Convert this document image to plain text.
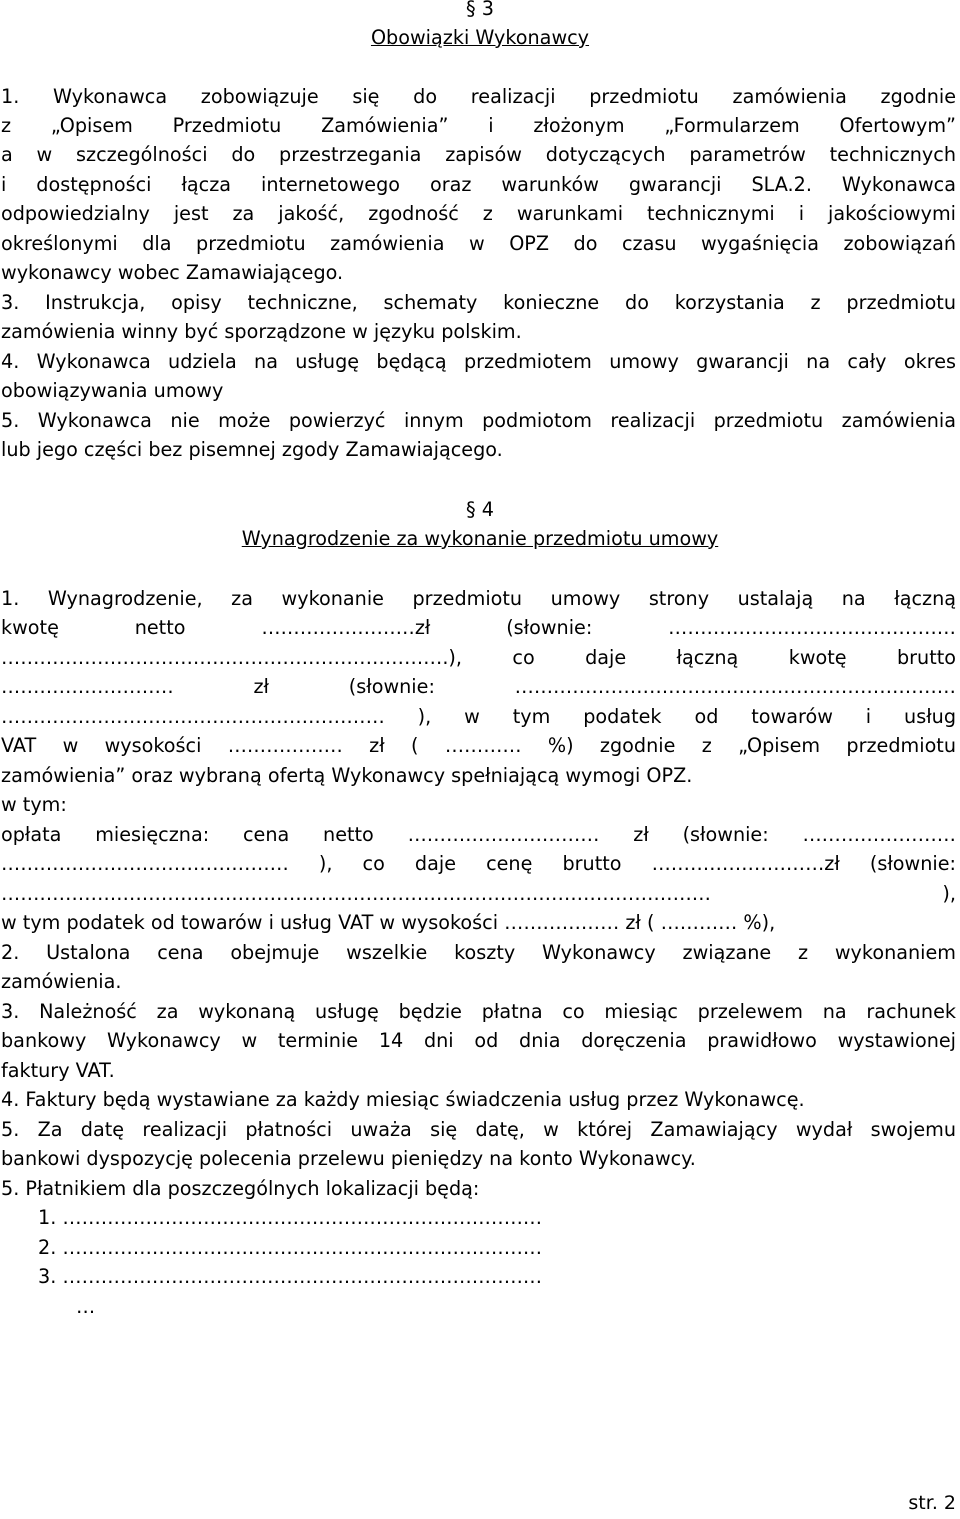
§ 3
Obowiązki Wykonawcy
1. Wykonawca zobowiązuje się do realizacji przedmiotu zamówienia zgodnie
z „Opisem Przedmiotu Zamówienia” i złożonym „Formularzem Ofertowym”
a w szczególności do przestrzegania zapisów dotyczących parametrów technicznych
i dostępności łącza internetowego oraz warunków gwarancji SLA.2. Wykonawca
odpowiedzialny jest za jakość, zgodność z warunkami technicznymi i jakościowymi
określonymi dla przedmiotu zamówienia w OPZ do czasu wygaśnięcia zobowiązań
wykonawcy wobec Zamawiającego.
3. Instrukcja, opisy techniczne, schematy konieczne do korzystania z przedmiotu
zamówienia winny być sporządzone w języku polskim.
4. Wykonawca udziela na usługę będącą przedmiotem umowy gwarancji na cały okres
obowiązywania umowy
5. Wykonawca nie może powierzyć innym podmiotom realizacji przedmiotu zamówienia
lub jego części bez pisemnej zgody Zamawiającego.
§ 4
Wynagrodzenie za wykonanie przedmiotu umowy
1. Wynagrodzenie, za wykonanie przedmiotu umowy strony ustalają na łączną
kwotę netto ……………………zł (słownie: ………………………………………
…………………………………………………………….), co daje łączną kwotę brutto
……………………… zł (słownie: ……………………………………………………………
…………………………………………………… ), w tym podatek od towarów i usług
VAT w wysokości ……………… zł ( ………… %) zgodnie z „Opisem przedmiotu
zamówienia” oraz wybraną ofertą Wykonawcy spełniającą wymogi OPZ.
w tym:
opłata miesięczna: cena netto ………………………… zł (słownie: ……………………
……………………………………… ), co daje cenę brutto ………………………zł (słownie:
………………………………………………………………………………………………… ),
w tym podatek od towarów i usług VAT w wysokości ……………… zł ( ………… %),
2. Ustalona cena obejmuje wszelkie koszty Wykonawcy związane z wykonaniem
zamówienia.
3. Należność za wykonaną usługę będzie płatna co miesiąc przelewem na rachunek
bankowy Wykonawcy w terminie 14 dni od dnia doręczenia prawidłowo wystawionej
faktury VAT.
4. Faktury będą wystawiane za każdy miesiąc świadczenia usług przez Wykonawcę.
5. Za datę realizacji płatności uważa się datę, w której Zamawiający wydał swojemu
bankowi dyspozycję polecenia przelewu pieniędzy na konto Wykonawcy.
5. Płatnikiem dla poszczególnych lokalizacji będą:
1. …………………………………………………………………
2. …………………………………………………………………
3. …………………………………………………………………
…
str. 2
